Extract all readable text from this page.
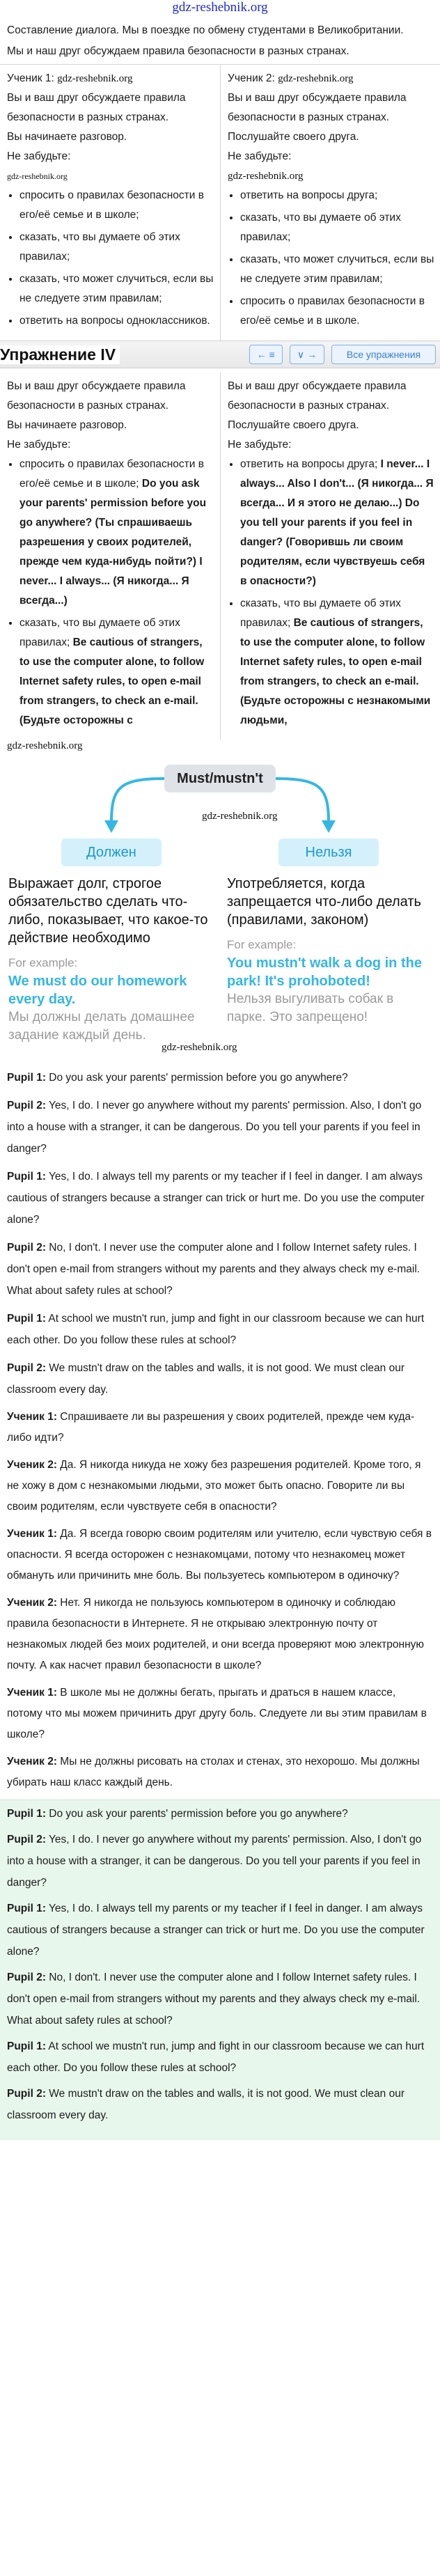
gdz-reshebnik.org

Составление диалога. Мы в поездке по обмену студентами в Великобритании.

Мы и наш друг обсуждаем правила безопасности в разных странах.

Ученик 1: gdz-reshebnik.org
Вы и ваш друг обсуждаете правила
безопасности в разных странах.
Вы начинаете разговор.
Не забудьте:
gdz-reshebnik.org
• спросить о правилах безопасности в его/её семье и в школе;
• сказать, что вы думаете об этих правилах;
• сказать, что может случиться, если вы не следуете этим правилам;
• ответить на вопросы одноклассников.
Ученик 2: gdz-reshebnik.org
Вы и ваш друг обсуждаете правила
безопасности в разных странах.
Послушайте своего друга.
Не забудьте:
gdz-reshebnik.org
• ответить на вопросы друга;
• сказать, что вы думаете об этих правилах;
• сказать, что может случиться, если вы не следуете этим правилам;
• спросить о правилах безопасности в его/её семье и в школе.
Упражнение IV	← ≡ ∨ →	Все упражнения
Вы и ваш друг обсуждаете правила
безопасности в разных странах.
Вы начинаете разговор.
Не забудьте:
• спросить о правилах безопасности в его/её семье и в школе; Do you ask your parents' permission before you go anywhere? (Ты спрашиваешь разрешения у своих родителей, прежде чем куда-нибудь пойти?) I never... I always... (Я никогда... Я всегда...)
• сказать, что вы думаете об этих правилах; Be cautious of strangers, to use the computer alone, to follow Internet safety rules, to open e-mail from strangers, to check an e-mail. (Будьте осторожны с
Вы и ваш друг обсуждаете правила
безопасности в разных странах.
Послушайте своего друга.
Не забудьте:
• ответить на вопросы друга; I never... I always... Also I don't... (Я никогда... Я всегда... И я этого не делаю...) Do you tell your parents if you feel in danger? (Говорившь ли своим родителям, если чувствуешь себя в опасности?)
• сказать, что вы думаете об этих правилах; Be cautious of strangers, to use the computer alone, to follow Internet safety rules, to open e-mail from strangers, to check an e-mail. (Будьте осторожны с незнакомыми людьми,
gdz-reshebnik.org
Must/mustn't
gdz-reshebnik.org
Должен	Нельзя
Выражает долг, строгое обязательство сделать что-либо, показывает, что какое-то действие необходимо
For example:
We must do our homework every day.
Мы должны делать домашнее задание каждый день.
Употребляется, когда запрещается что-либо делать (правилами, законом)
For example:
You mustn't walk a dog in the park! It's prohoboted!
Нельзя выгуливать собак в парке. Это запрещено!
gdz-reshebnik.org

Pupil 1: Do you ask your parents' permission before you go anywhere?

Pupil 2: Yes, I do. I never go anywhere without my parents' permission. Also, I don't go into a house with a stranger, it can be dangerous. Do you tell your parents if you feel in danger?

Pupil 1: Yes, I do. I always tell my parents or my teacher if I feel in danger. I am always cautious of strangers because a stranger can trick or hurt me. Do you use the computer alone?

Pupil 2: No, I don't. I never use the computer alone and I follow Internet safety rules. I don't open e-mail from strangers without my parents and they always check my e-mail. What about safety rules at school?

Pupil 1: At school we mustn't run, jump and fight in our classroom because we can hurt each other. Do you follow these rules at school?

Pupil 2: We mustn't draw on the tables and walls, it is not good. We must clean our classroom every day.

Ученик 1: Спрашиваете ли вы разрешения у своих родителей, прежде чем куда-либо идти?

Ученик 2: Да. Я никогда никуда не хожу без разрешения родителей. Кроме того, я не хожу в дом с незнакомыми людьми, это может быть опасно. Говорите ли вы своим родителям, если чувствуете себя в опасности?

Ученик 1: Да. Я всегда говорю своим родителям или учителю, если чувствую себя в опасности. Я всегда осторожен с незнакомцами, потому что незнакомец может обмануть или причинить мне боль. Вы пользуетесь компьютером в одиночку?

Ученик 2: Нет. Я никогда не пользуюсь компьютером в одиночку и соблюдаю правила безопасности в Интернете. Я не открываю электронную почту от незнакомых людей без моих родителей, и они всегда проверяют мою электронную почту. А как насчет правил безопасности в школе?

Ученик 1: В школе мы не должны бегать, прыгать и драться в нашем классе, потому что мы можем причинить друг другу боль. Следуете ли вы этим правилам в школе?

Ученик 2: Мы не должны рисовать на столах и стенах, это нехорошо. Мы должны убирать наш класс каждый день.

Pupil 1: Do you ask your parents' permission before you go anywhere?

Pupil 2: Yes, I do. I never go anywhere without my parents' permission. Also, I don't go into a house with a stranger, it can be dangerous. Do you tell your parents if you feel in danger?

Pupil 1: Yes, I do. I always tell my parents or my teacher if I feel in danger. I am always cautious of strangers because a stranger can trick or hurt me. Do you use the computer alone?

Pupil 2: No, I don't. I never use the computer alone and I follow Internet safety rules. I don't open e-mail from strangers without my parents and they always check my e-mail. What about safety rules at school?

Pupil 1: At school we mustn't run, jump and fight in our classroom because we can hurt each other. Do you follow these rules at school?

Pupil 2: We mustn't draw on the tables and walls, it is not good. We must clean our classroom every day.
